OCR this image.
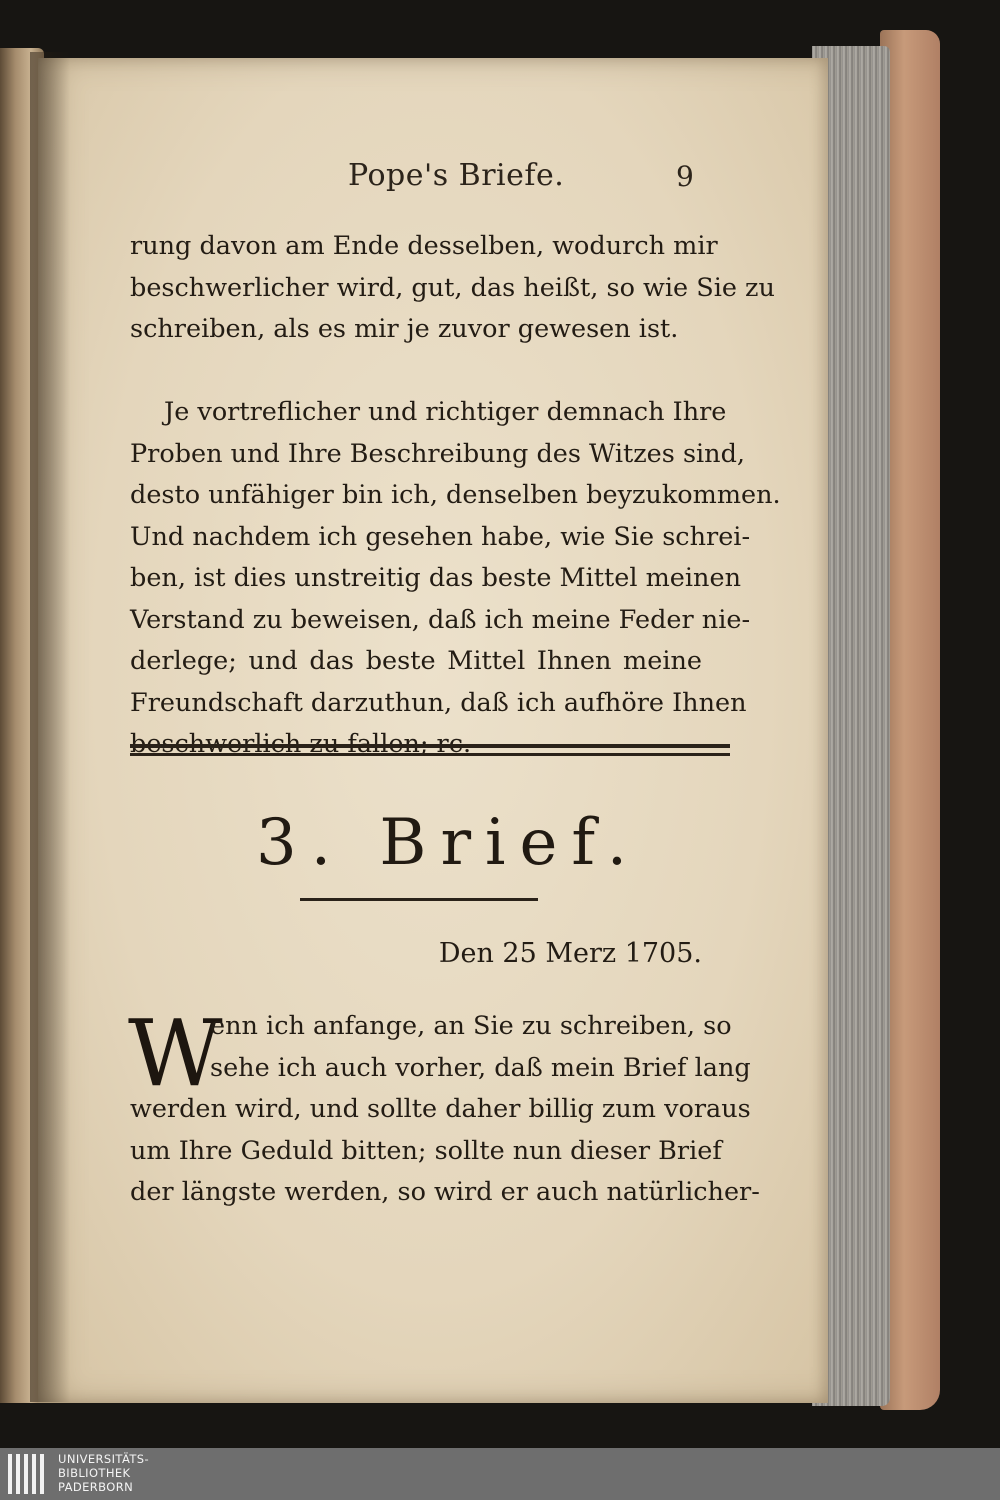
Pope's Briefe.	9
rung davon am Ende desselben, wodurch mir
beschwerlicher wird, gut, das heißt, so wie Sie zu
schreiben, als es mir je zuvor gewesen ist.
Je vortreflicher und richtiger demnach Ihre
Proben und Ihre Beschreibung des Witzes sind,
desto unfähiger bin ich, denselben beyzukommen.
Und nachdem ich gesehen habe, wie Sie schrei-
ben, ist dies unstreitig das beste Mittel meinen
Verstand zu beweisen, daß ich meine Feder nie-
derlege; und das beste Mittel Ihnen meine
Freundschaft darzuthun, daß ich aufhöre Ihnen
3. Brief.
Den 25 Merz 1705.
W
enn ich anfange, an Sie zu schreiben, so
sehe ich auch vorher, daß mein Brief lang
werden wird, und sollte daher billig zum voraus
um Ihre Geduld bitten; sollte nun dieser Brief
der längste werden, so wird er auch natürlicher-
UNIVERSITÄTS-
BIBLIOTHEK
PADERBORN
